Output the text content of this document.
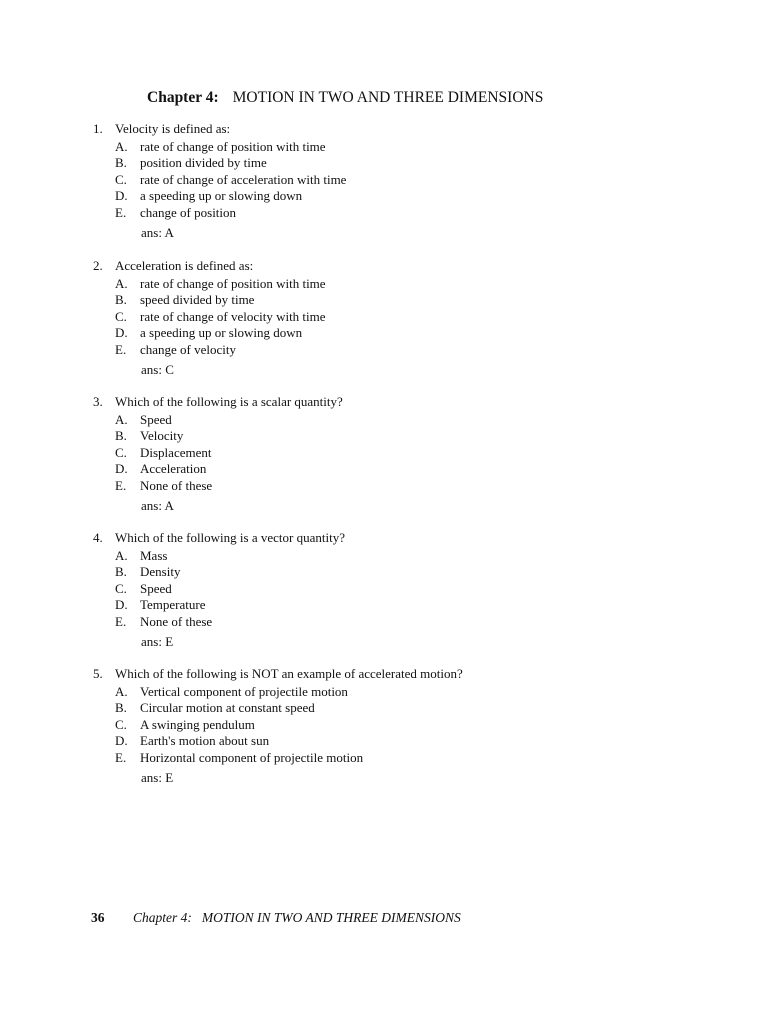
Chapter 4: MOTION IN TWO AND THREE DIMENSIONS
1. Velocity is defined as:
A. rate of change of position with time
B. position divided by time
C. rate of change of acceleration with time
D. a speeding up or slowing down
E. change of position
ans: A
2. Acceleration is defined as:
A. rate of change of position with time
B. speed divided by time
C. rate of change of velocity with time
D. a speeding up or slowing down
E. change of velocity
ans: C
3. Which of the following is a scalar quantity?
A. Speed
B. Velocity
C. Displacement
D. Acceleration
E. None of these
ans: A
4. Which of the following is a vector quantity?
A. Mass
B. Density
C. Speed
D. Temperature
E. None of these
ans: E
5. Which of the following is NOT an example of accelerated motion?
A. Vertical component of projectile motion
B. Circular motion at constant speed
C. A swinging pendulum
D. Earth's motion about sun
E. Horizontal component of projectile motion
ans: E
36 Chapter 4: MOTION IN TWO AND THREE DIMENSIONS
